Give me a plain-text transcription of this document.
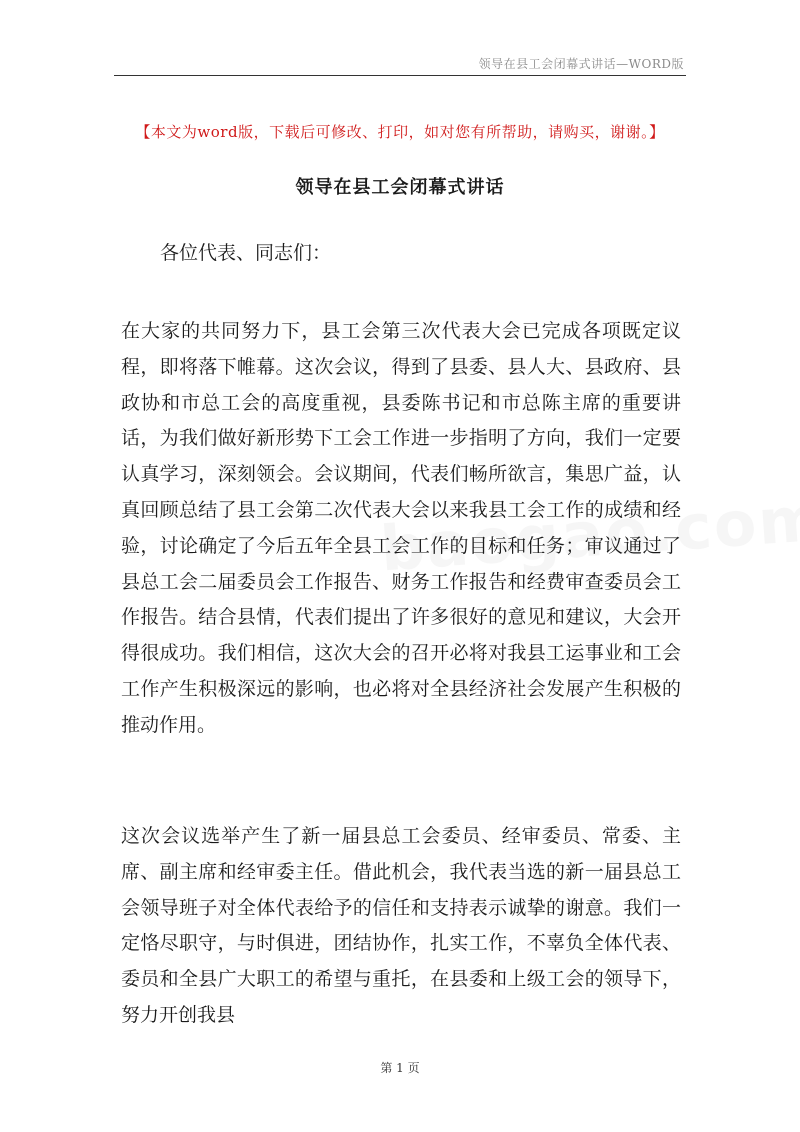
领导在县工会闭幕式讲话—WORD版
【本文为word版，下载后可修改、打印，如对您有所帮助，请购买，谢谢。】
领导在县工会闭幕式讲话
各位代表、同志们：

在大家的共同努力下，县工会第三次代表大会已完成各项既定议程，即将落下帷幕。这次会议，得到了县委、县人大、县政府、县政协和市总工会的高度重视，县委陈书记和市总陈主席的重要讲话，为我们做好新形势下工会工作进一步指明了方向，我们一定要认真学习，深刻领会。会议期间，代表们畅所欲言，集思广益，认真回顾总结了县工会第二次代表大会以来我县工会工作的成绩和经验，讨论确定了今后五年全县工会工作的目标和任务；审议通过了县总工会二届委员会工作报告、财务工作报告和经费审查委员会工作报告。结合县情，代表们提出了许多很好的意见和建议，大会开得很成功。我们相信，这次大会的召开必将对我县工运事业和工会工作产生积极深远的影响，也必将对全县经济社会发展产生积极的推动作用。

这次会议选举产生了新一届县总工会委员、经审委员、常委、主席、副主席和经审委主任。借此机会，我代表当选的新一届县总工会领导班子对全体代表给予的信任和支持表示诚挚的谢意。我们一定恪尽职守，与时俱进，团结协作，扎实工作，不辜负全体代表、委员和全县广大职工的希望与重托，在县委和上级工会的领导下，努力开创我县

第 1 页
